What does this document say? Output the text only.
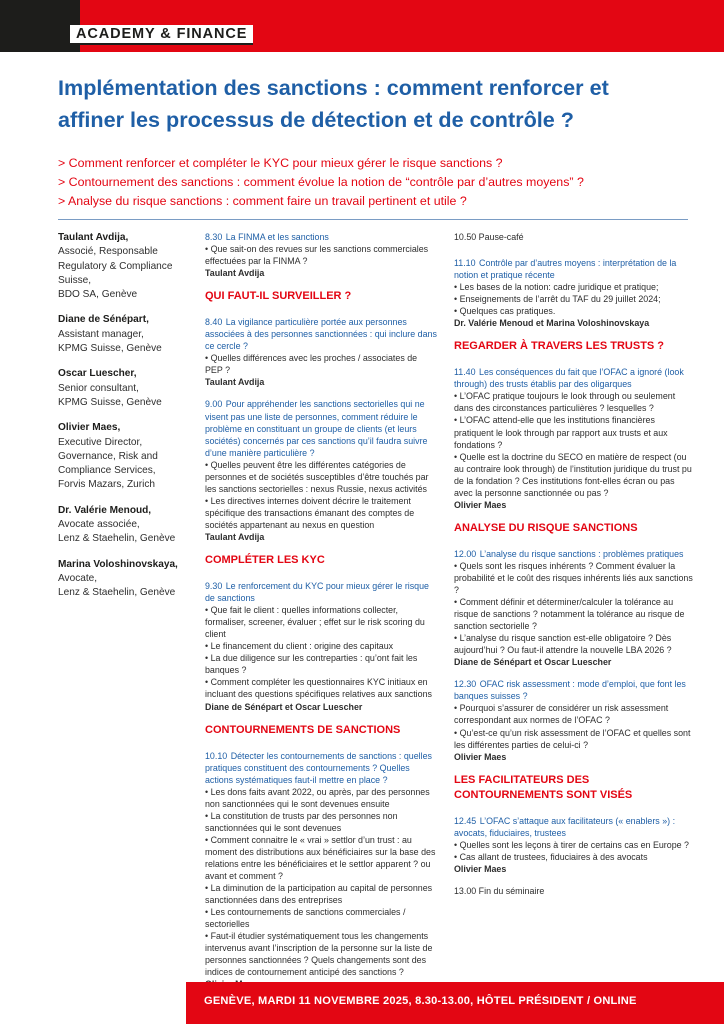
ACADEMY & FINANCE
Implémentation des sanctions : comment renforcer et
affiner les processus de détection et de contrôle ?
> Comment renforcer et compléter le KYC pour mieux gérer le risque sanctions ?
> Contournement des sanctions : comment évolue la notion de “contrôle par d’autres moyens” ?
> Analyse du risque sanctions : comment faire un travail pertinent et utile ?
Taulant Avdija,
Associé, Responsable
Regulatory & Compliance
Suisse,
BDO SA, Genève
Diane de Sénépart,
Assistant manager,
KPMG Suisse, Genève
Oscar Luescher,
Senior consultant,
KPMG Suisse, Genève
Olivier Maes,
Executive Director,
Governance, Risk and
Compliance Services,
Forvis Mazars, Zurich
Dr. Valérie Menoud,
Avocate associée,
Lenz & Staehelin, Genève
Marina Voloshinovskaya,
Avocate,
Lenz & Staehelin, Genève
8.30 La FINMA et les sanctions
• Que sait-on des revues sur les sanctions commerciales effectuées par la FINMA ?
Taulant Avdija
QUI FAUT-IL SURVEILLER ?
8.40 La vigilance particulière portée aux personnes associées à des personnes sanctionnées : qui inclure dans ce cercle ?
• Quelles différences avec les proches / associates de PEP ?
Taulant Avdija
9.00 Pour appréhender les sanctions sectorielles qui ne visent pas une liste de personnes, comment réduire le problème en constituant un groupe de clients (et leurs sociétés) concernés par ces sanctions qu’il faudra suivre d’une manière particulière ?
• Quelles peuvent être les différentes catégories de personnes et de sociétés susceptibles d’être touchés par les sanctions sectorielles : nexus Russie, nexus activités
• Les directives internes doivent décrire le traitement spécifique des transactions émanant des comptes de sociétés appartenant au nexus en question
Taulant Avdija
COMPLÉTER LES KYC
9.30 Le renforcement du KYC pour mieux gérer le risque de sanctions
• Que fait le client : quelles informations collecter, formaliser, screener, évaluer ; effet sur le risk scoring du client
• Le financement du client : origine des capitaux
• La due diligence sur les contreparties : qu’ont fait les banques ?
• Comment compléter les questionnaires KYC initiaux en incluant des questions spécifiques relatives aux sanctions
Diane de Sénépart et Oscar Luescher
CONTOURNEMENTS DE SANCTIONS
10.10 Détecter les contournements de sanctions : quelles pratiques constituent des contournements ? Quelles actions systématiques faut-il mettre en place ?
• Les dons faits avant 2022, ou après, par des personnes non sanctionnées qui le sont devenues ensuite
• La constitution de trusts par des personnes non sanctionnées qui le sont devenues
• Comment connaitre le « vrai » settlor d’un trust : au moment des distributions aux bénéficiaires sur la base des relations entre les bénéficiaires et le settlor apparent ? ou avant et comment ?
• La diminution de la participation au capital de personnes sanctionnées dans des entreprises
• Les contournements de sanctions commerciales / sectorielles
• Faut-il étudier systématiquement tous les changements intervenus avant l’inscription de la personne sur la liste de personnes sanctionnées ? Quels changements sont des indices de contournement anticipé des sanctions ?
10.50 Pause-café
11.10 Contrôle par d’autres moyens : interprétation de la notion et pratique récente
• Les bases de la notion: cadre juridique et pratique;
• Enseignements de l’arrêt du TAF du 29 juillet 2024;
• Quelques cas pratiques.
Dr. Valérie Menoud et Marina Voloshinovskaya
REGARDER À TRAVERS LES TRUSTS ?
11.40 Les conséquences du fait que l’OFAC a ignoré (look through) des trusts établis par des oligarques
• L’OFAC pratique toujours le look through ou seulement dans des circonstances particulières ? lesquelles ?
• L’OFAC attend-elle que les institutions financières pratiquent le look through par rapport aux trusts et aux fondations ?
• Quelle est la doctrine du SECO en matière de respect (ou au contraire look through) de l’institution juridique du trust pu de la fondation ? Ces institutions font-elles écran ou pas avec la personne sanctionnée ou pas ?
Olivier Maes
ANALYSE DU RISQUE SANCTIONS
12.00 L’analyse du risque sanctions : problèmes pratiques
• Quels sont les risques inhérents ? Comment évaluer la probabilité et le coût des risques inhérents liés aux sanctions ?
• Comment définir et déterminer/calculer la tolérance au risque de sanctions ? notamment la tolérance au risque de sanction sectorielle ?
• L’analyse du risque sanction est-elle obligatoire ? Dès aujourd’hui ? Ou faut-il attendre la nouvelle LBA 2026 ?
Diane de Sénépart et Oscar Luescher
12.30 OFAC risk assessment : mode d’emploi, que font les banques suisses ?
• Pourquoi s’assurer de considérer un risk assessment correspondant aux normes de l’OFAC ?
• Qu’est-ce qu’un risk assessment de l’OFAC et quelles sont les différentes parties de celui-ci ?
Olivier Maes
LES FACILITATEURS DES CONTOURNEMENTS SONT VISÉS
12.45 L’OFAC s’attaque aux facilitateurs (« enablers ») : avocats, fiduciaires, trustees
• Quelles sont les leçons à tirer de certains cas en Europe ?
• Cas allant de trustees, fiduciaires à des avocats
Olivier Maes
13.00 Fin du séminaire
GENÈVE, MARDI 11 NOVEMBRE 2025, 8.30-13.00, HÔTEL PRÉSIDENT / ONLINE
